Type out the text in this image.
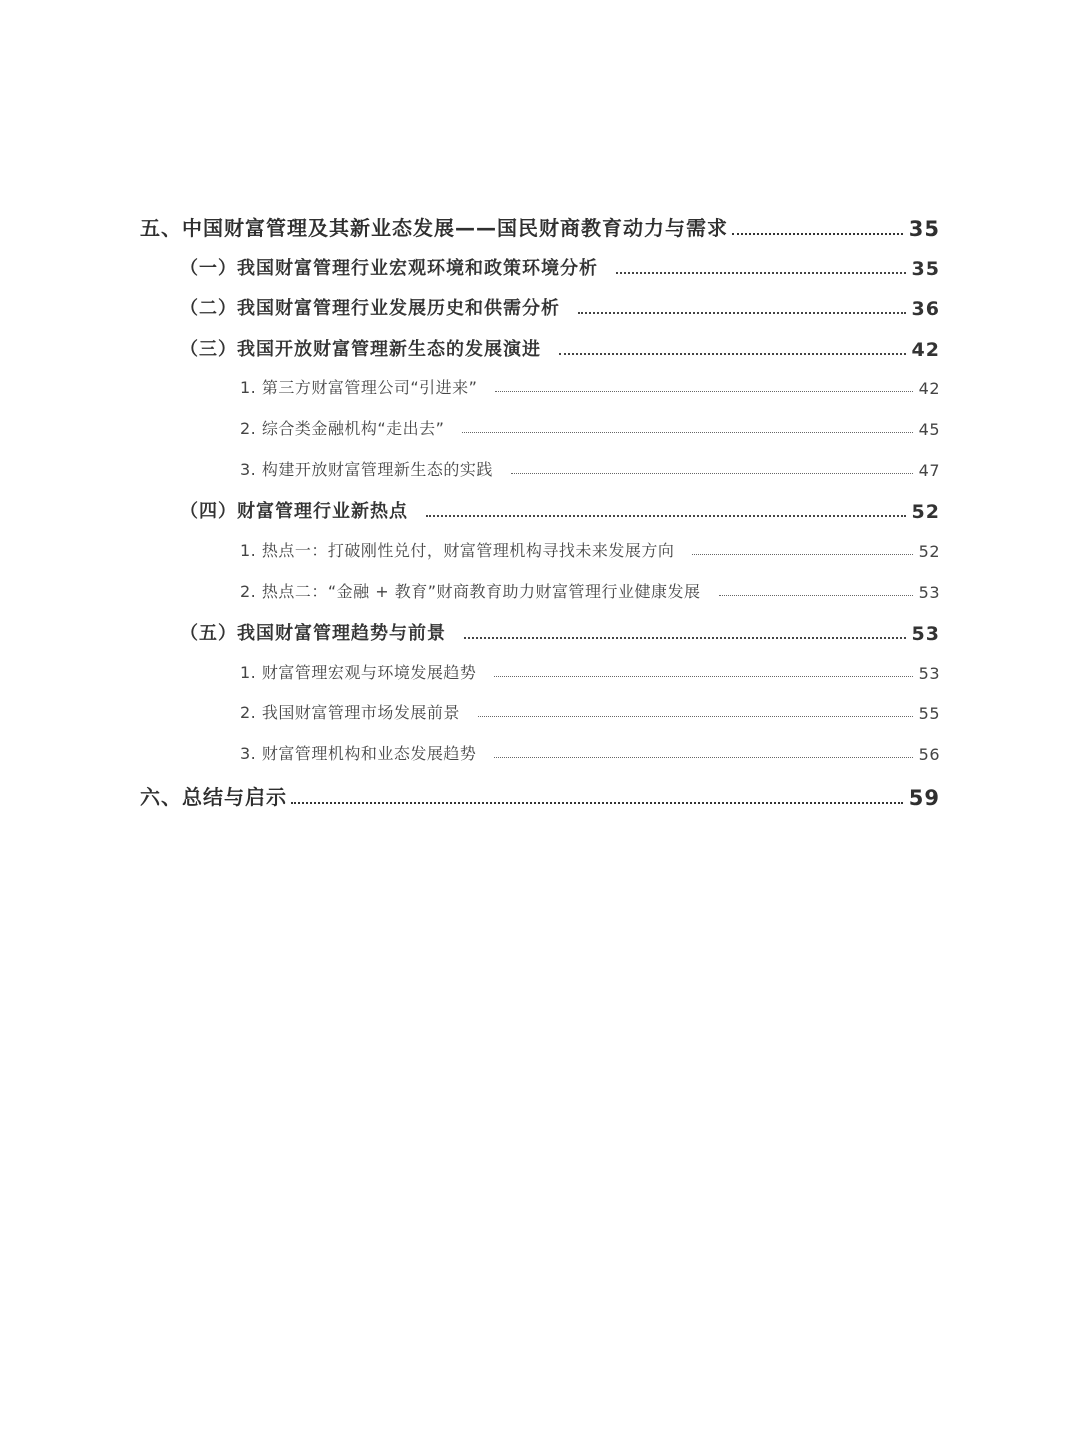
五、中国财富管理及其新业态发展——国民财商教育动力与需求	35
（一）我国财富管理行业宏观环境和政策环境分析	35
（二）我国财富管理行业发展历史和供需分析	36
（三）我国开放财富管理新生态的发展演进	42
1. 第三方财富管理公司“引进来”	42
2. 综合类金融机构“走出去”	45
3. 构建开放财富管理新生态的实践	47
（四）财富管理行业新热点	52
1. 热点一：打破刚性兑付，财富管理机构寻找未来发展方向	52
2. 热点二：“金融 + 教育”财商教育助力财富管理行业健康发展	53
（五）我国财富管理趋势与前景	53
1. 财富管理宏观与环境发展趋势	53
2. 我国财富管理市场发展前景	55
3. 财富管理机构和业态发展趋势	56
六、总结与启示	59
